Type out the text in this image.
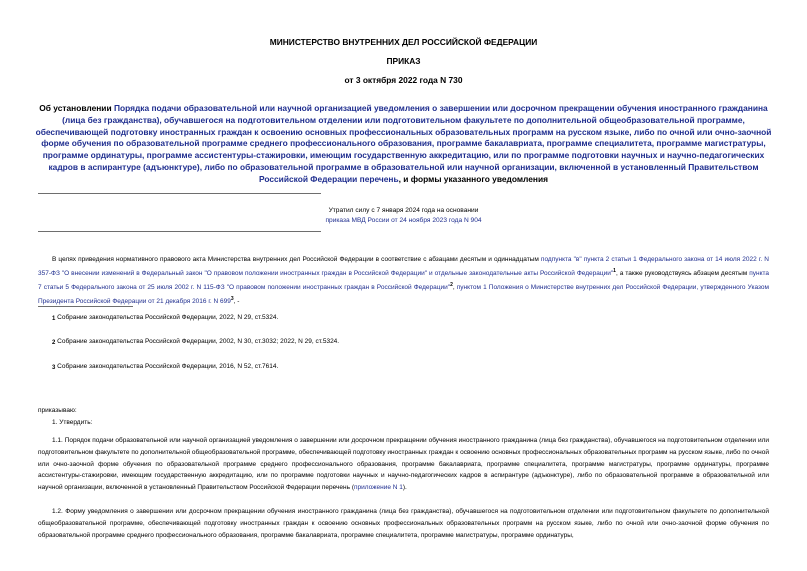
МИНИСТЕРСТВО ВНУТРЕННИХ ДЕЛ РОССИЙСКОЙ ФЕДЕРАЦИИ
ПРИКАЗ
от 3 октября 2022 года N 730
Об установлении Порядка подачи образовательной или научной организацией уведомления о завершении или досрочном прекращении обучения иностранного гражданина (лица без гражданства), обучавшегося на подготовительном отделении или подготовительном факультете по дополнительной общеобразовательной программе, обеспечивающей подготовку иностранных граждан к освоению основных профессиональных образовательных программ на русском языке, либо по очной или очно-заочной форме обучения по образовательной программе среднего профессионального образования, программе бакалавриата, программе специалитета, программе магистратуры, программе ординатуры, программе ассистентуры-стажировки, имеющим государственную аккредитацию, или по программе подготовки научных и научно-педагогических кадров в аспирантуре (адъюнктуре), либо по образовательной программе в образовательной или научной организации, включенной в установленный Правительством Российской Федерации перечень, и формы указанного уведомления
Утратил силу с 7 января 2024 года на основании
приказа МВД России от 24 ноября 2023 года N 904
В целях приведения нормативного правового акта Министерства внутренних дел Российской Федерации в соответствие с абзацами десятым и одиннадцатым подпункта "в" пункта 2 статьи 1 Федерального закона от 14 июля 2022 г. N 357-ФЗ "О внесении изменений в Федеральный закон "О правовом положении иностранных граждан в Российской Федерации" и отдельные законодательные акты Российской Федерации"$^1$, а также руководствуясь абзацем десятым пункта 7 статьи 5 Федерального закона от 25 июля 2002 г. N 115-ФЗ "О правовом положении иностранных граждан в Российской Федерации"$^2$, пунктом 1 Положения о Министерстве внутренних дел Российской Федерации, утвержденного Указом Президента Российской Федерации от 21 декабря 2016 г. N $699^3$, -
1 Собрание законодательства Российской Федерации, 2022, N 29, ст.5324.
2 Собрание законодательства Российской Федерации, 2002, N 30, ст.3032; 2022, N 29, ст.5324.
3 Собрание законодательства Российской Федерации, 2016, N 52, ст.7614.
приказываю:
1. Утвердить:
1.1. Порядок подачи образовательной или научной организацией уведомления о завершении или досрочном прекращении обучения иностранного гражданина (лица без гражданства), обучавшегося на подготовительном отделении или подготовительном факультете по дополнительной общеобразовательной программе, обеспечивающей подготовку иностранных граждан к освоению основных профессиональных образовательных программ на русском языке, либо по очной или очно-заочной форме обучения по образовательной программе среднего профессионального образования, программе бакалавриата, программе специалитета, программе магистратуры, программе ординатуры, программе ассистентуры-стажировки, имеющим государственную аккредитацию, или по программе подготовки научных и научно-педагогических кадров в аспирантуре (адъюнктуре), либо по образовательной программе в образовательной или научной организации, включенной в установленный Правительством Российской Федерации перечень (приложение N 1).
1.2. Форму уведомления о завершении или досрочном прекращении обучения иностранного гражданина (лица без гражданства), обучавшегося на подготовительном отделении или подготовительном факультете по дополнительной общеобразовательной программе, обеспечивающей подготовку иностранных граждан к освоению основных профессиональных образовательных программ на русском языке, либо по очной или очно-заочной форме обучения по образовательной программе среднего профессионального образования, программе бакалавриата, программе специалитета, программе магистратуры, программе ординатуры,
